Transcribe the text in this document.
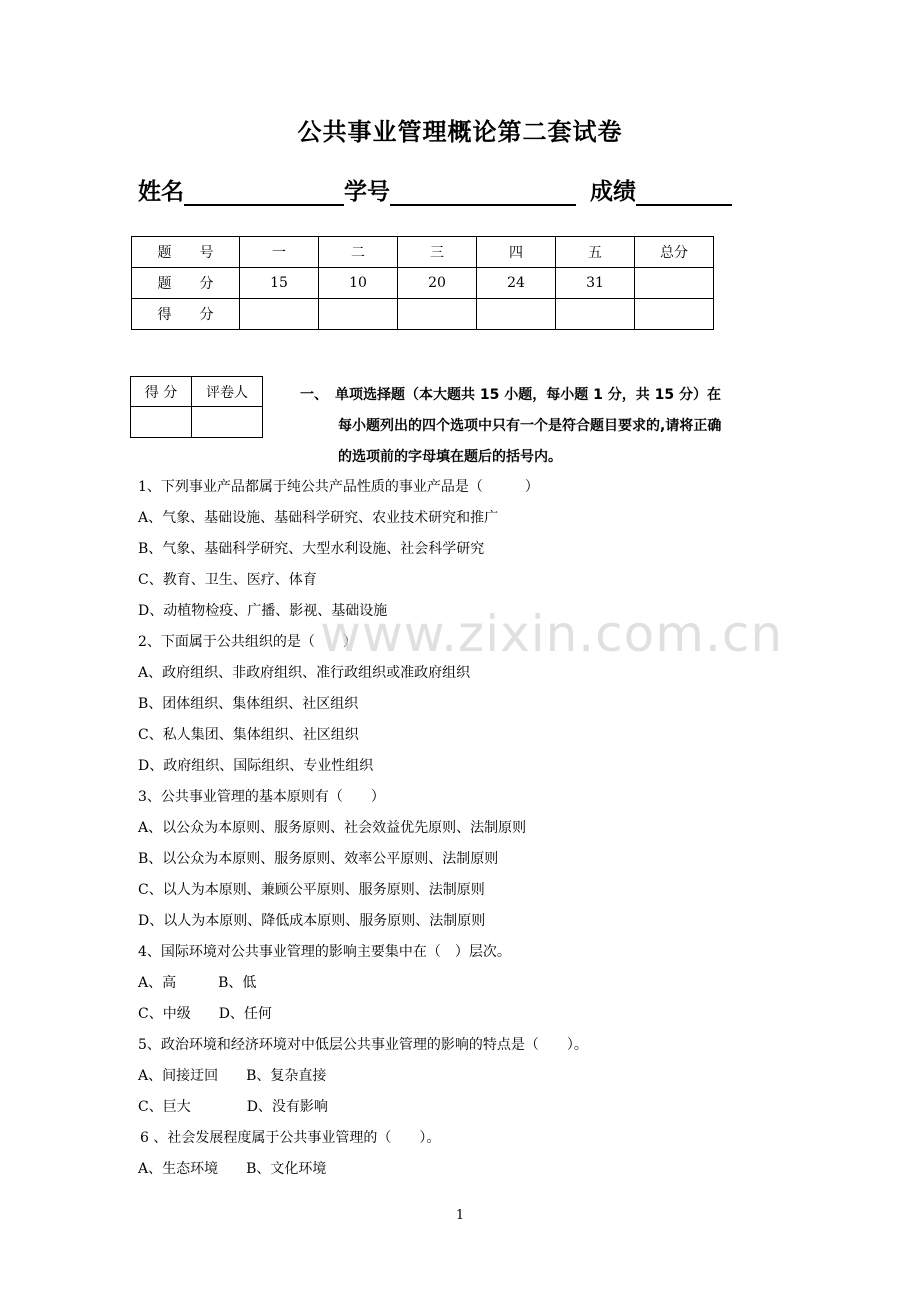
公共事业管理概论第二套试卷
姓名	学号	成绩
题　　号	一	二	三	四	五	总分
题　　分	15	10	20	24	31	
得　　分						
得 分	评卷人
		一、　单项选择题（本大题共 15 小题，每小题 1 分，共 15 分）在
每小题列出的四个选项中只有一个是符合题目要求的,请将正确
的选项前的字母填在题后的括号内。
1、下列事业产品都属于纯公共产品性质的事业产品是（　　　）
A、气象、基础设施、基础科学研究、农业技术研究和推广
B、气象、基础科学研究、大型水利设施、社会科学研究
C、教育、卫生、医疗、体育
D、动植物检疫、广播、影视、基础设施
2、下面属于公共组织的是（　　）
A、政府组织、非政府组织、准行政组织或准政府组织
B、团体组织、集体组织、社区组织
C、私人集团、集体组织、社区组织
D、政府组织、国际组织、专业性组织
3、公共事业管理的基本原则有（　　）
A、以公众为本原则、服务原则、社会效益优先原则、法制原则
B、以公众为本原则、服务原则、效率公平原则、法制原则
C、以人为本原则、兼顾公平原则、服务原则、法制原则
D、以人为本原则、降低成本原则、服务原则、法制原则
4、国际环境对公共事业管理的影响主要集中在（　）层次。
A、高　　　B、低
C、中级　　D、任何
5、政治环境和经济环境对中低层公共事业管理的影响的特点是（　　）。
A、间接迂回　　B、复杂直接
C、巨大　　　　D、没有影响
6 、社会发展程度属于公共事业管理的（　　）。
A、生态环境　　B、文化环境
www.zixin.com.cn
1
